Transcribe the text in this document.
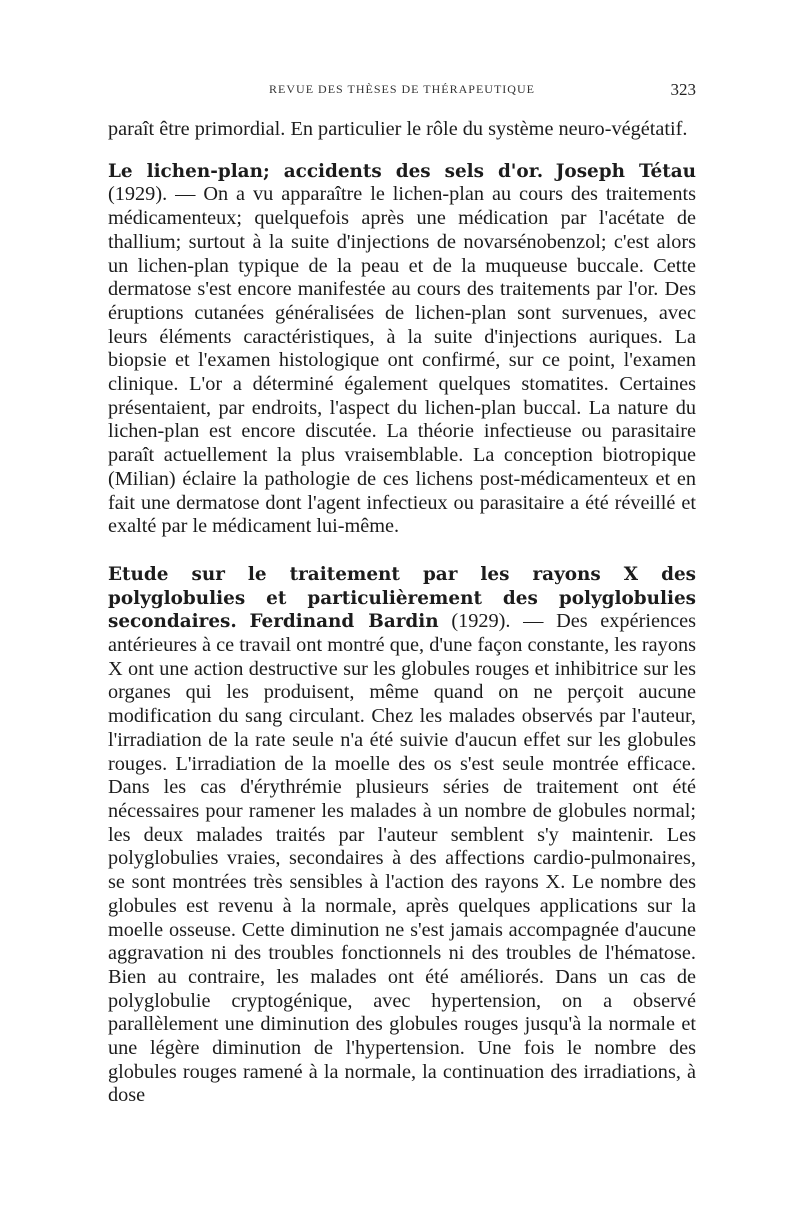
REVUE DES THÈSES DE THÉRAPEUTIQUE	323

paraît être primordial. En particulier le rôle du système neuro-végétatif.

Le lichen-plan; accidents des sels d'or. Joseph Tétau (1929). — On a vu apparaître le lichen-plan au cours des traitements médicamenteux; quelquefois après une médication par l'acétate de thallium; surtout à la suite d'injections de novarsénobenzol; c'est alors un lichen-plan typique de la peau et de la muqueuse buccale. Cette dermatose s'est encore manifestée au cours des traitements par l'or. Des éruptions cutanées généralisées de lichen-plan sont survenues, avec leurs éléments caractéristiques, à la suite d'injections auriques. La biopsie et l'examen histologique ont confirmé, sur ce point, l'examen clinique. L'or a déterminé également quelques stomatites. Certaines présentaient, par endroits, l'aspect du lichen-plan buccal. La nature du lichen-plan est encore discutée. La théorie infectieuse ou parasitaire paraît actuellement la plus vraisemblable. La conception biotropique (Milian) éclaire la pathologie de ces lichens post-médicamenteux et en fait une dermatose dont l'agent infectieux ou parasitaire a été réveillé et exalté par le médicament lui-même.

Etude sur le traitement par les rayons X des polyglobulies et particulièrement des polyglobulies secondaires. Ferdinand Bardin (1929). — Des expériences antérieures à ce travail ont montré que, d'une façon constante, les rayons X ont une action destructive sur les globules rouges et inhibitrice sur les organes qui les produisent, même quand on ne perçoit aucune modification du sang circulant. Chez les malades observés par l'auteur, l'irradiation de la rate seule n'a été suivie d'aucun effet sur les globules rouges. L'irradiation de la moelle des os s'est seule montrée efficace. Dans les cas d'érythrémie plusieurs séries de traitement ont été nécessaires pour ramener les malades à un nombre de globules normal; les deux malades traités par l'auteur semblent s'y maintenir. Les polyglobulies vraies, secondaires à des affections cardio-pulmonaires, se sont montrées très sensibles à l'action des rayons X. Le nombre des globules est revenu à la normale, après quelques applications sur la moelle osseuse. Cette diminution ne s'est jamais accompagnée d'aucune aggravation ni des troubles fonctionnels ni des troubles de l'hématose. Bien au contraire, les malades ont été améliorés. Dans un cas de polyglobulie cryptogénique, avec hypertension, on a observé parallèlement une diminution des globules rouges jusqu'à la normale et une légère diminution de l'hypertension. Une fois le nombre des globules rouges ramené à la normale, la continuation des irradiations, à dose
